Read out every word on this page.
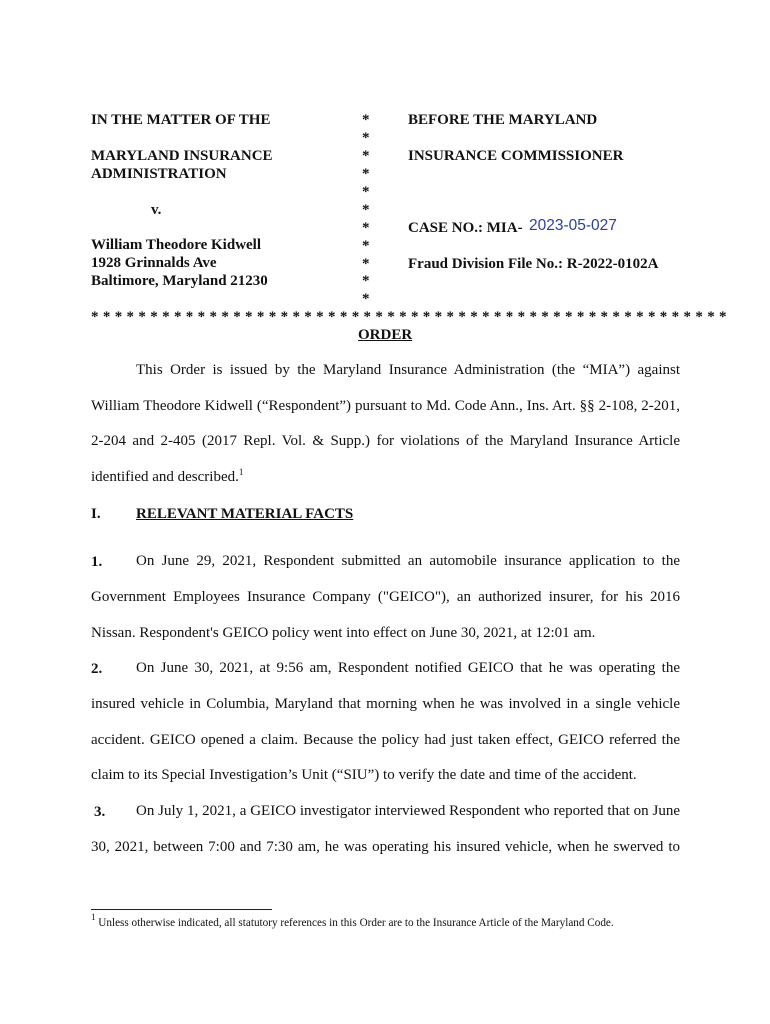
IN THE MATTER OF THE
MARYLAND INSURANCE
ADMINISTRATION
v.
William Theodore Kidwell
1928 Grinnalds Ave
Baltimore, Maryland 21230
*
*
*
*
*
*
*
*
*
*
*
BEFORE THE MARYLAND
INSURANCE COMMISSIONER
CASE NO.: MIA- 2023-05-027
Fraud Division File No.: R-2022-0102A
* * * * * * * * * * * * * * * * * * * * * * * * * * * * * * * * * * * * * * * * * * * * * * * * * * * * * *
ORDER
This Order is issued by the Maryland Insurance Administration (the “MIA”) against
William Theodore Kidwell (“Respondent”) pursuant to Md. Code Ann., Ins. Art. §§ 2-108, 2-201,
2-204 and 2-405 (2017 Repl. Vol. & Supp.) for violations of the Maryland Insurance Article
identified and described.$^1$
I. RELEVANT MATERIAL FACTS
1. On June 29, 2021, Respondent submitted an automobile insurance application to the
Government Employees Insurance Company ("GEICO"), an authorized insurer, for his 2016
Nissan. Respondent's GEICO policy went into effect on June 30, 2021, at 12:01 am.
2. On June 30, 2021, at 9:56 am, Respondent notified GEICO that he was operating the
insured vehicle in Columbia, Maryland that morning when he was involved in a single vehicle
accident. GEICO opened a claim. Because the policy had just taken effect, GEICO referred the
claim to its Special Investigation’s Unit (“SIU”) to verify the date and time of the accident.
3. On July 1, 2021, a GEICO investigator interviewed Respondent who reported that on June
30, 2021, between 7:00 and 7:30 am, he was operating his insured vehicle, when he swerved to
$^1$ Unless otherwise indicated, all statutory references in this Order are to the Insurance Article of the Maryland Code.
